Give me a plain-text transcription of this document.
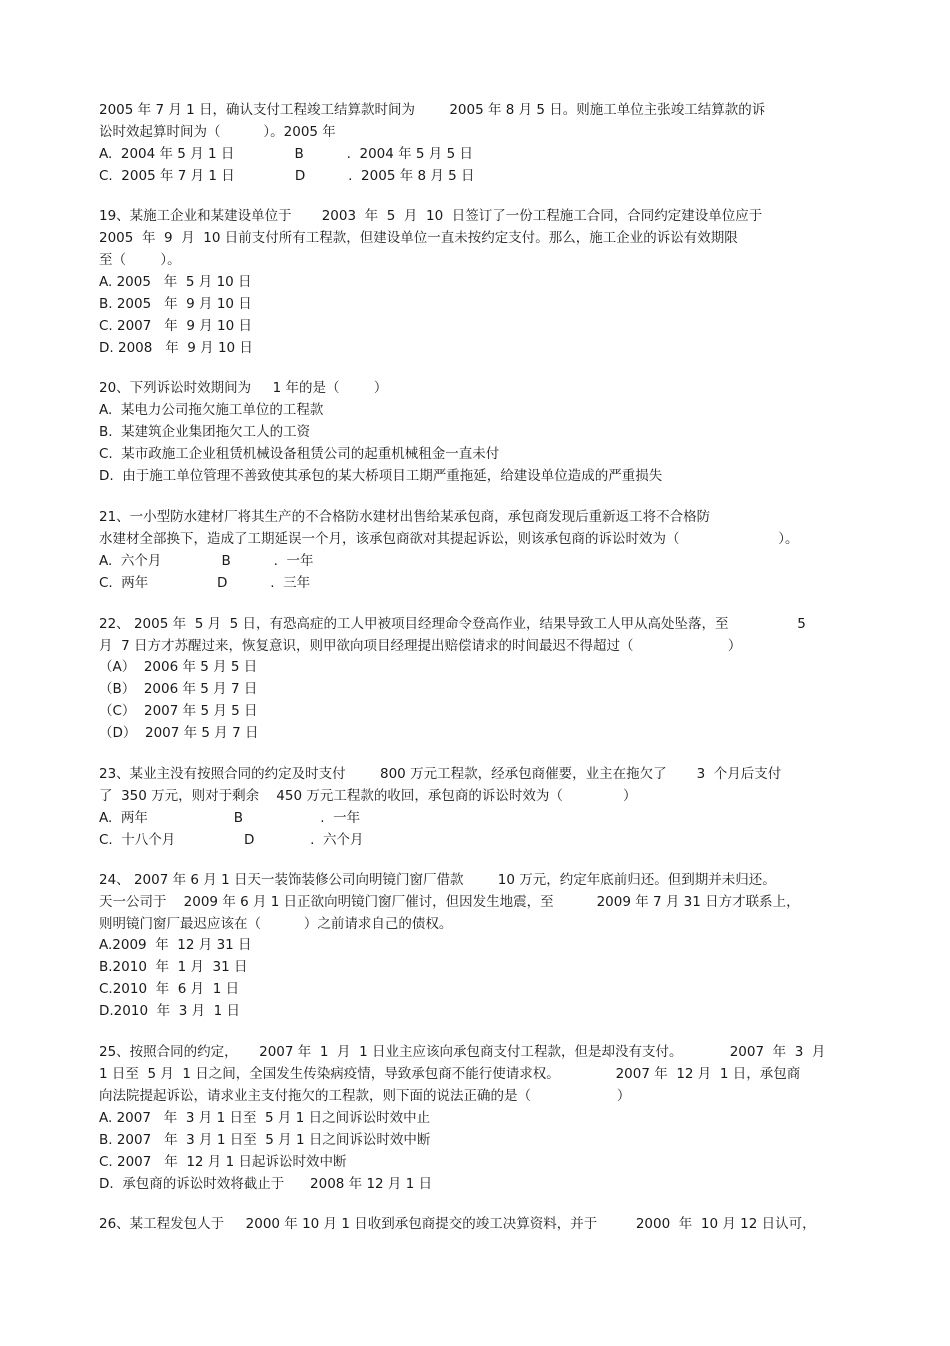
2005 年 7 月 1 日，确认支付工程竣工结算款时间为        2005 年 8 月 5 日。则施工单位主张竣工结算款的诉

讼时效起算时间为（          ）。2005 年

A.  2004 年 5 月 1 日              B          .  2004 年 5 月 5 日

C.  2005 年 7 月 1 日              D          .  2005 年 8 月 5 日

19、某施工企业和某建设单位于       2003  年  5  月  10  日签订了一份工程施工合同，合同约定建设单位应于

2005  年  9  月  10 日前支付所有工程款，但建设单位一直未按约定支付。那么，施工企业的诉讼有效期限

至（        ）。

A. 2005   年  5 月 10 日

B. 2005   年  9 月 10 日

C. 2007   年  9 月 10 日

D. 2008   年  9 月 10 日

20、下列诉讼时效期间为     1 年的是（        ）

A.  某电力公司拖欠施工单位的工程款

B.  某建筑企业集团拖欠工人的工资

C.  某市政施工企业租赁机械设备租赁公司的起重机械租金一直未付

D.  由于施工单位管理不善致使其承包的某大桥项目工期严重拖延，给建设单位造成的严重损失

21、一小型防水建材厂将其生产的不合格防水建材出售给某承包商，承包商发现后重新返工将不合格防

水建材全部换下，造成了工期延误一个月，该承包商欲对其提起诉讼，则该承包商的诉讼时效为（                       ）。

A.  六个月              B          .  一年

C.  两年                D          .  三年

22、 2005 年  5 月  5 日，有恐高症的工人甲被项目经理命令登高作业，结果导致工人甲从高处坠落，至                5

月  7 日方才苏醒过来，恢复意识，则甲欲向项目经理提出赔偿请求的时间最迟不得超过（                      ）

（A）  2006 年 5 月 5 日

（B）  2006 年 5 月 7 日

（C）  2007 年 5 月 5 日

（D）  2007 年 5 月 7 日

23、某业主没有按照合同的约定及时支付        800 万元工程款，经承包商催要，业主在拖欠了       3  个月后支付

了  350 万元，则对于剩余    450 万元工程款的收回，承包商的诉讼时效为（              ）

A.  两年                    B                  .  一年

C.  十八个月                D             .  六个月

24、 2007 年 6 月 1 日天一装饰装修公司向明镜门窗厂借款        10 万元，约定年底前归还。但到期并未归还。

天一公司于    2009 年 6 月 1 日正欲向明镜门窗厂催讨，但因发生地震，至          2009 年 7 月 31 日方才联系上，

则明镜门窗厂最迟应该在（          ）之前请求自己的债权。

A.2009  年  12 月 31 日

B.2010  年  1 月  31 日

C.2010  年  6 月  1 日

D.2010  年  3 月  1 日

25、按照合同的约定，     2007 年  1  月  1 日业主应该向承包商支付工程款，但是却没有支付。           2007  年  3  月

1 日至  5 月  1 日之间，全国发生传染病疫情，导致承包商不能行使请求权。             2007 年  12 月  1 日，承包商

向法院提起诉讼，请求业主支付拖欠的工程款，则下面的说法正确的是（                    ）

A. 2007   年  3 月 1 日至  5 月 1 日之间诉讼时效中止

B. 2007   年  3 月 1 日至  5 月 1 日之间诉讼时效中断

C. 2007   年  12 月 1 日起诉讼时效中断

D.  承包商的诉讼时效将截止于      2008 年 12 月 1 日

26、某工程发包人于     2000 年 10 月 1 日收到承包商提交的竣工决算资料，并于         2000  年  10 月 12 日认可，
